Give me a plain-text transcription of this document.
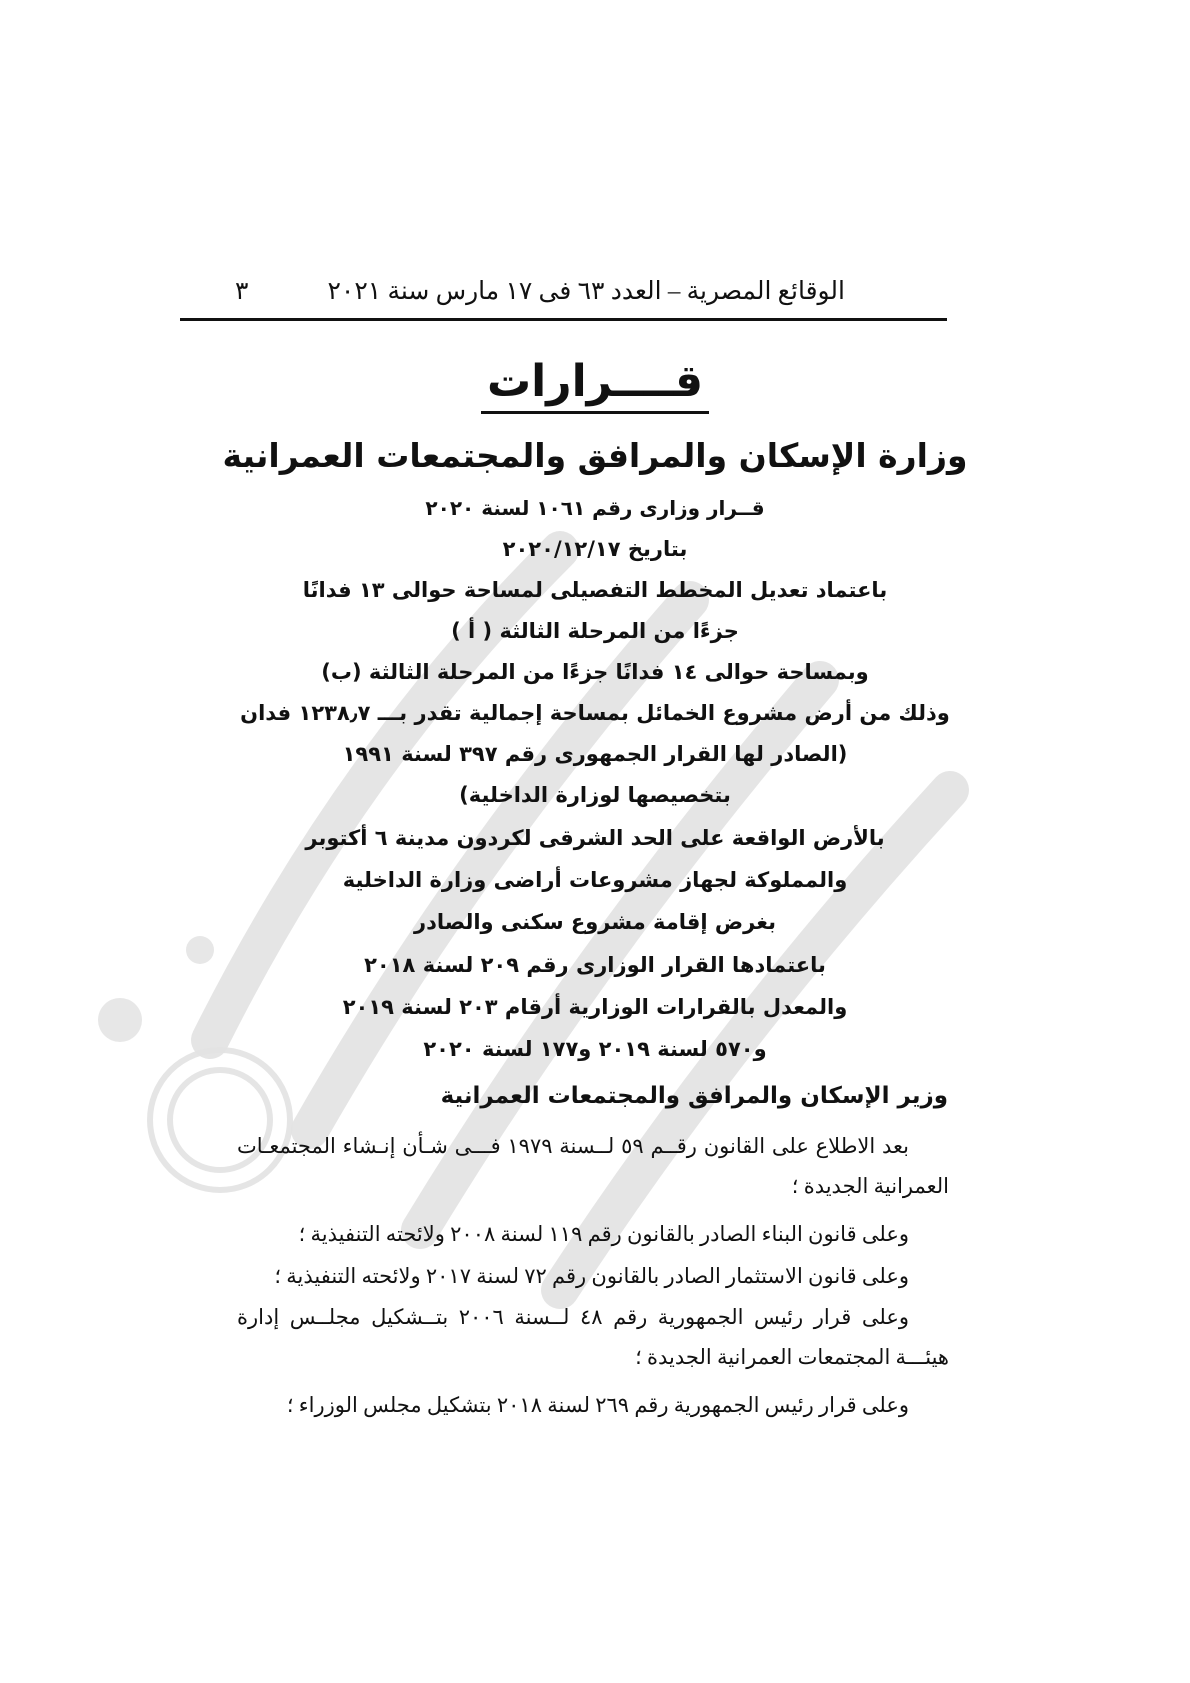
الوقائع المصرية – العدد ٦٣ فى ١٧ مارس سنة ٢٠٢١
٣
قــــرارات
وزارة الإسكان والمرافق والمجتمعات العمرانية
قــرار وزارى رقم ١٠٦١ لسنة ٢٠٢٠
بتاريخ ٢٠٢٠/١٢/١٧
باعتماد تعديل المخطط التفصيلى لمساحة حوالى ١٣ فدانًا
جزءًا من المرحلة الثالثة ( أ )
وبمساحة حوالى ١٤ فدانًا جزءًا من المرحلة الثالثة (ب)
وذلك من أرض مشروع الخمائل بمساحة إجمالية تقدر بـــ ١٢٣٨٫٧ فدان
(الصادر لها القرار الجمهورى رقم ٣٩٧ لسنة ١٩٩١
بتخصيصها لوزارة الداخلية)
بالأرض الواقعة على الحد الشرقى لكردون مدينة ٦ أكتوبر
والمملوكة لجهاز مشروعات أراضى وزارة الداخلية
بغرض إقامة مشروع سكنى والصادر
باعتمادها القرار الوزارى رقم ٢٠٩ لسنة ٢٠١٨
والمعدل بالقرارات الوزارية أرقام ٢٠٣ لسنة ٢٠١٩
و٥٧٠ لسنة ٢٠١٩ و١٧٧ لسنة ٢٠٢٠
وزير الإسكان والمرافق والمجتمعات العمرانية
بعد الاطلاع على القانون رقــم ٥٩ لــسنة ١٩٧٩ فـــى شـأن إنـشاء المجتمعـات العمرانية الجديدة ؛
وعلى قانون البناء الصادر بالقانون رقم ١١٩ لسنة ٢٠٠٨ ولائحته التنفيذية ؛
وعلى قانون الاستثمار الصادر بالقانون رقم ٧٢ لسنة ٢٠١٧ ولائحته التنفيذية ؛
وعلى قرار رئيس الجمهورية رقم ٤٨ لــسنة ٢٠٠٦ بتــشكيل مجلــس إدارة هيئـــة المجتمعات العمرانية الجديدة ؛
وعلى قرار رئيس الجمهورية رقم ٢٦٩ لسنة ٢٠١٨ بتشكيل مجلس الوزراء ؛
